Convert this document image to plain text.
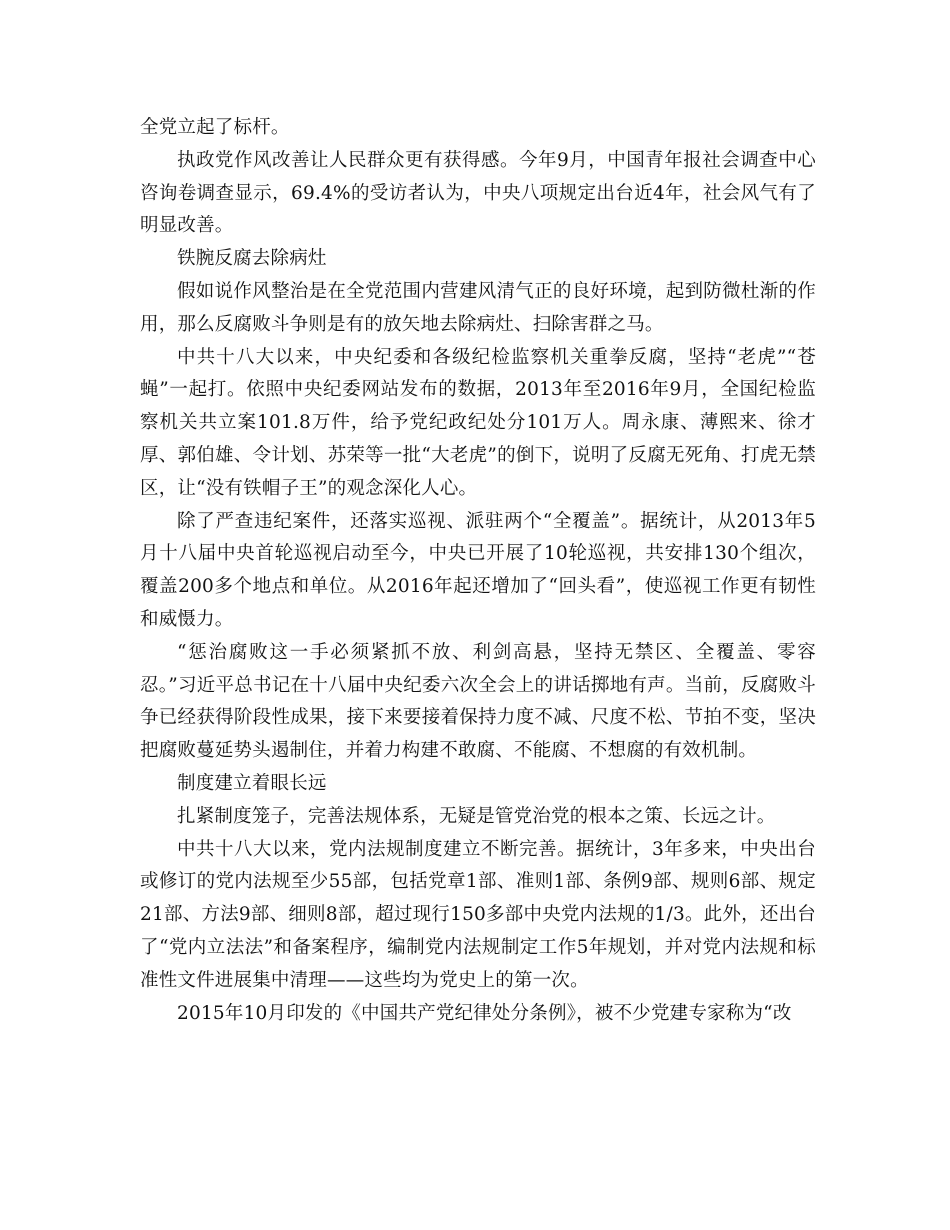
全党立起了标杆。

执政党作风改善让人民群众更有获得感。今年9月，中国青年报社会调查中心咨询卷调查显示，69.4%的受访者认为，中央八项规定出台近4年，社会风气有了明显改善。

铁腕反腐去除病灶

假如说作风整治是在全党范围内营建风清气正的良好环境，起到防微杜渐的作用，那么反腐败斗争则是有的放矢地去除病灶、扫除害群之马。

中共十八大以来，中央纪委和各级纪检监察机关重拳反腐，坚持“老虎”“苍蝇”一起打。依照中央纪委网站发布的数据，2013年至2016年9月，全国纪检监察机关共立案101.8万件，给予党纪政纪处分101万人。周永康、薄熙来、徐才厚、郭伯雄、令计划、苏荣等一批“大老虎”的倒下，说明了反腐无死角、打虎无禁区，让“没有铁帽子王”的观念深化人心。

除了严查违纪案件，还落实巡视、派驻两个“全覆盖”。据统计，从2013年5月十八届中央首轮巡视启动至今，中央已开展了10轮巡视，共安排130个组次，覆盖200多个地点和单位。从2016年起还增加了“回头看”，使巡视工作更有韧性和威慑力。

“惩治腐败这一手必须紧抓不放、利剑高悬，坚持无禁区、全覆盖、零容忍。”习近平总书记在十八届中央纪委六次全会上的讲话掷地有声。当前，反腐败斗争已经获得阶段性成果，接下来要接着保持力度不减、尺度不松、节拍不变，坚决把腐败蔓延势头遏制住，并着力构建不敢腐、不能腐、不想腐的有效机制。

制度建立着眼长远

扎紧制度笼子，完善法规体系，无疑是管党治党的根本之策、长远之计。

中共十八大以来，党内法规制度建立不断完善。据统计，3年多来，中央出台或修订的党内法规至少55部，包括党章1部、准则1部、条例9部、规则6部、规定21部、方法9部、细则8部，超过现行150多部中央党内法规的1/3。此外，还出台了“党内立法法”和备案程序，编制党内法规制定工作5年规划，并对党内法规和标准性文件进展集中清理——这些均为党史上的第一次。

2015年10月印发的《中国共产党纪律处分条例》，被不少党建专家称为“改
